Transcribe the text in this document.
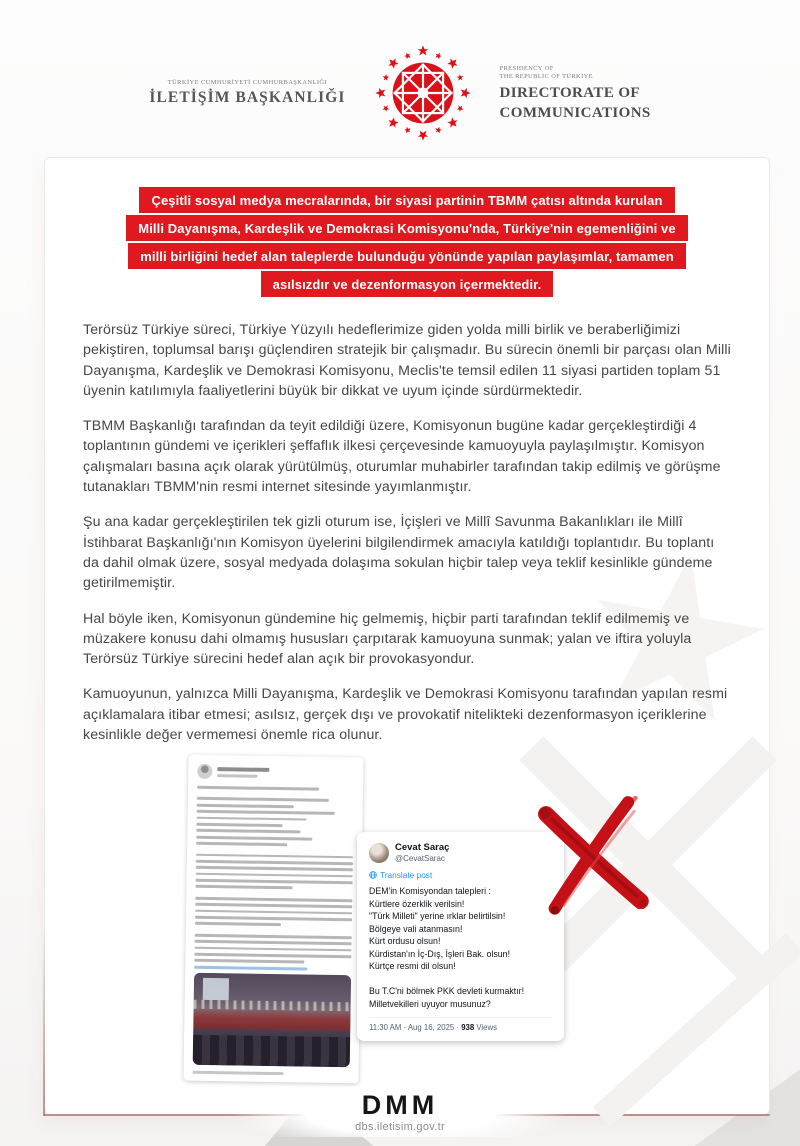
TÜRKİYE CUMHURİYETİ CUMHURBAŞKANLIĞI
İLETİŞİM BAŞKANLIĞI
PRESIDENCY OF
THE REPUBLIC OF TÜRKİYE
DIRECTORATE OF
COMMUNICATIONS
★
Çeşitli sosyal medya mecralarında, bir siyasi partinin TBMM çatısı altında kurulan
Milli Dayanışma, Kardeşlik ve Demokrasi Komisyonu'nda, Türkiye'nin egemenliğini ve
milli birliğini hedef alan taleplerde bulunduğu yönünde yapılan paylaşımlar, tamamen
asılsızdır ve dezenformasyon içermektedir.

Terörsüz Türkiye süreci, Türkiye Yüzyılı hedeflerimize giden yolda milli birlik ve beraberliğimizi pekiştiren, toplumsal barışı güçlendiren stratejik bir çalışmadır. Bu sürecin önemli bir parçası olan Milli Dayanışma, Kardeşlik ve Demokrasi Komisyonu, Meclis'te temsil edilen 11 siyasi partiden toplam 51 üyenin katılımıyla faaliyetlerini büyük bir dikkat ve uyum içinde sürdürmektedir.

TBMM Başkanlığı tarafından da teyit edildiği üzere, Komisyonun bugüne kadar gerçekleştirdiği 4 toplantının gündemi ve içerikleri şeffaflık ilkesi çerçevesinde kamuoyuyla paylaşılmıştır. Komisyon çalışmaları basına açık olarak yürütülmüş, oturumlar muhabirler tarafından takip edilmiş ve görüşme tutanakları TBMM'nin resmi internet sitesinde yayımlanmıştır.

Şu ana kadar gerçekleştirilen tek gizli oturum ise, İçişleri ve Millî Savunma Bakanlıkları ile Millî İstihbarat Başkanlığı'nın Komisyon üyelerini bilgilendirmek amacıyla katıldığı toplantıdır. Bu toplantı da dahil olmak üzere, sosyal medyada dolaşıma sokulan hiçbir talep veya teklif kesinlikle gündeme getirilmemiştir.

Hal böyle iken, Komisyonun gündemine hiç gelmemiş, hiçbir parti tarafından teklif edilmemiş ve müzakere konusu dahi olmamış hususları çarpıtarak kamuoyuna sunmak; yalan ve iftira yoluyla Terörsüz Türkiye sürecini hedef alan açık bir provokasyondur.

Kamuoyunun, yalnızca Milli Dayanışma, Kardeşlik ve Demokrasi Komisyonu tarafından yapılan resmi açıklamalara itibar etmesi; asılsız, gerçek dışı ve provokatif nitelikteki dezenformasyon içeriklerine kesinlikle değer vermemesi önemle rica olunur.

Cevat Saraç
@CevatSarac
Translate post
DEM'in Komisyondan talepleri :
Kürtlere özerklik verilsin!
"Türk Milleti" yerine ırklar belirtilsin!
Bölgeye vali atanmasın!
Kürt ordusu olsun!
Kürdistan'ın İç-Dış, İşleri Bak. olsun!
Kürtçe resmi dil olsun!

Bu T.C'ni bölmek PKK devleti kurmaktır!
Milletvekilleri uyuyor musunuz?
11:30 AM · Aug 16, 2025 · 938 Views
DMM
dbs.iletisim.gov.tr
